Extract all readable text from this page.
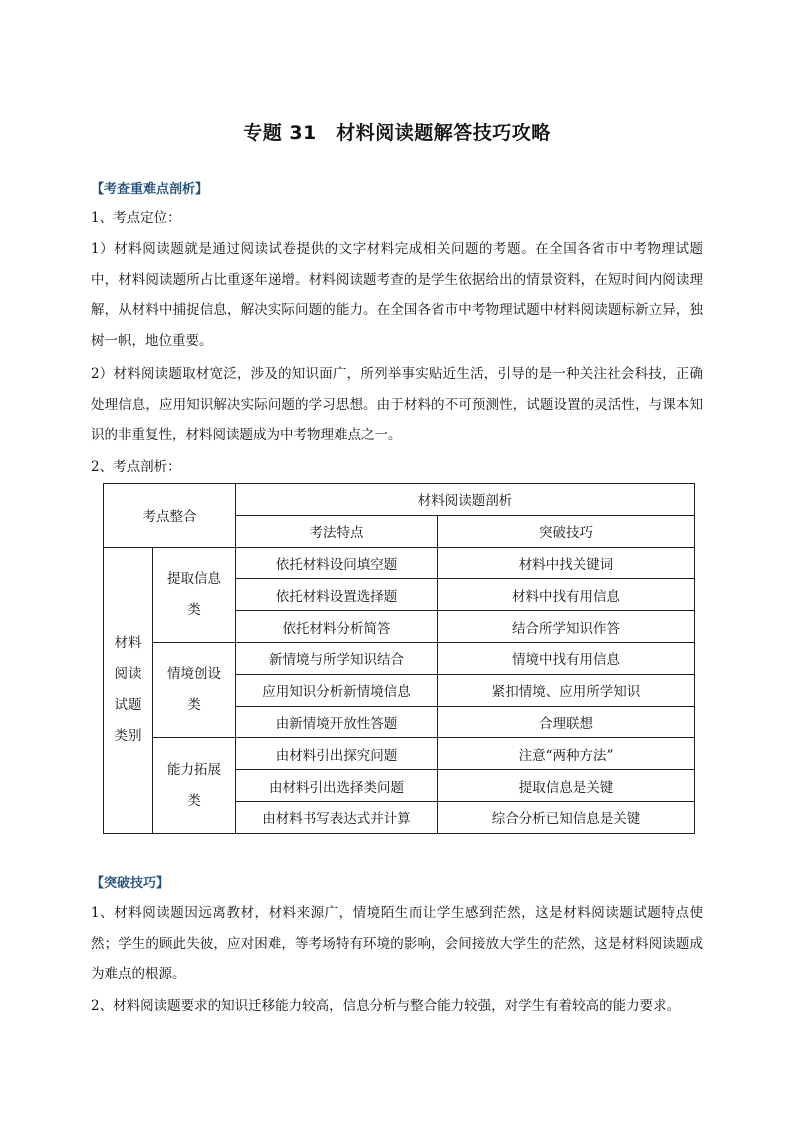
专题 31　材料阅读题解答技巧攻略
【考查重难点剖析】

1、考点定位：

1）材料阅读题就是通过阅读试卷提供的文字材料完成相关问题的考题。在全国各省市中考物理试题中，材料阅读题所占比重逐年递增。材料阅读题考查的是学生依据给出的情景资料，在短时间内阅读理解，从材料中捕捉信息，解决实际问题的能力。在全国各省市中考物理试题中材料阅读题标新立异，独树一帜，地位重要。

2）材料阅读题取材宽泛，涉及的知识面广，所列举事实贴近生活，引导的是一种关注社会科技，正确处理信息，应用知识解决实际问题的学习思想。由于材料的不可预测性，试题设置的灵活性，与课本知识的非重复性，材料阅读题成为中考物理难点之一。

2、考点剖析：

考点整合		材料阅读题剖析	
		考法特点	突破技巧

材料
阅读
试题
类别	提取信息类	依托材料设问填空题	材料中找关键词
		依托材料设置选择题	材料中找有用信息
		依托材料分析简答	结合所学知识作答
	情境创设类	新情境与所学知识结合	情境中找有用信息
		应用知识分析新情境信息	紧扣情境、应用所学知识
		由新情境开放性答题	合理联想
	能力拓展类	由材料引出探究问题	注意“两种方法”
		由材料引出选择类问题	提取信息是关键
		由材料书写表达式并计算	综合分析已知信息是关键
【突破技巧】

1、材料阅读题因远离教材，材料来源广，情境陌生而让学生感到茫然，这是材料阅读题试题特点使然；学生的顾此失彼，应对困难，等考场特有环境的影响，会间接放大学生的茫然，这是材料阅读题成为难点的根源。

2、材料阅读题要求的知识迁移能力较高，信息分析与整合能力较强，对学生有着较高的能力要求。
